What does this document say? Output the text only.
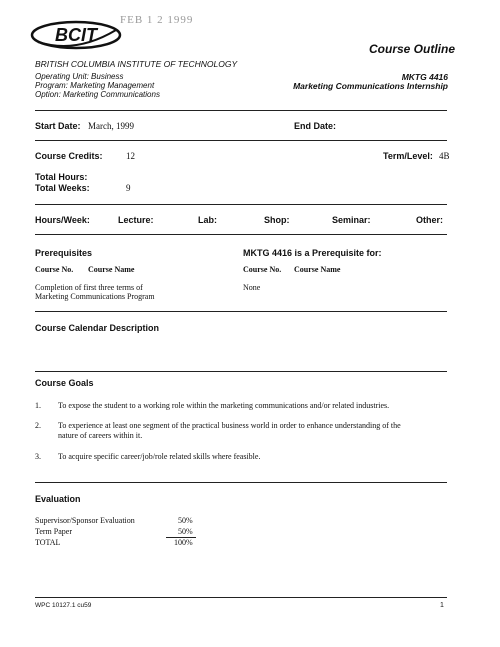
FEB 1 2 1999
BCIT
Course Outline
BRITISH COLUMBIA INSTITUTE OF TECHNOLOGY
Operating Unit: Business
Program: Marketing Management
Option: Marketing Communications
MKTG 4416
Marketing Communications Internship
Start Date: March, 1999	End Date:
Course Credits:	12	Term/Level: 4B
Total Hours:
Total Weeks:	9
Hours/Week:	Lecture:	Lab:	Shop:	Seminar:	Other:
Prerequisites
Course No. Course Name
Completion of first three terms of
Marketing Communications Program
MKTG 4416 is a Prerequisite for:
Course No. Course Name
None
Course Calendar Description
Course Goals
1. To expose the student to a working role within the marketing communications and/or related industries.
2. To experience at least one segment of the practical business world in order to enhance understanding of the
nature of careers within it.
3. To acquire specific career/job/role related skills where feasible.
Evaluation
Supervisor/Sponsor Evaluation	50%
Term Paper	50%
TOTAL	100%
WPC 10127.1 cu59	1
